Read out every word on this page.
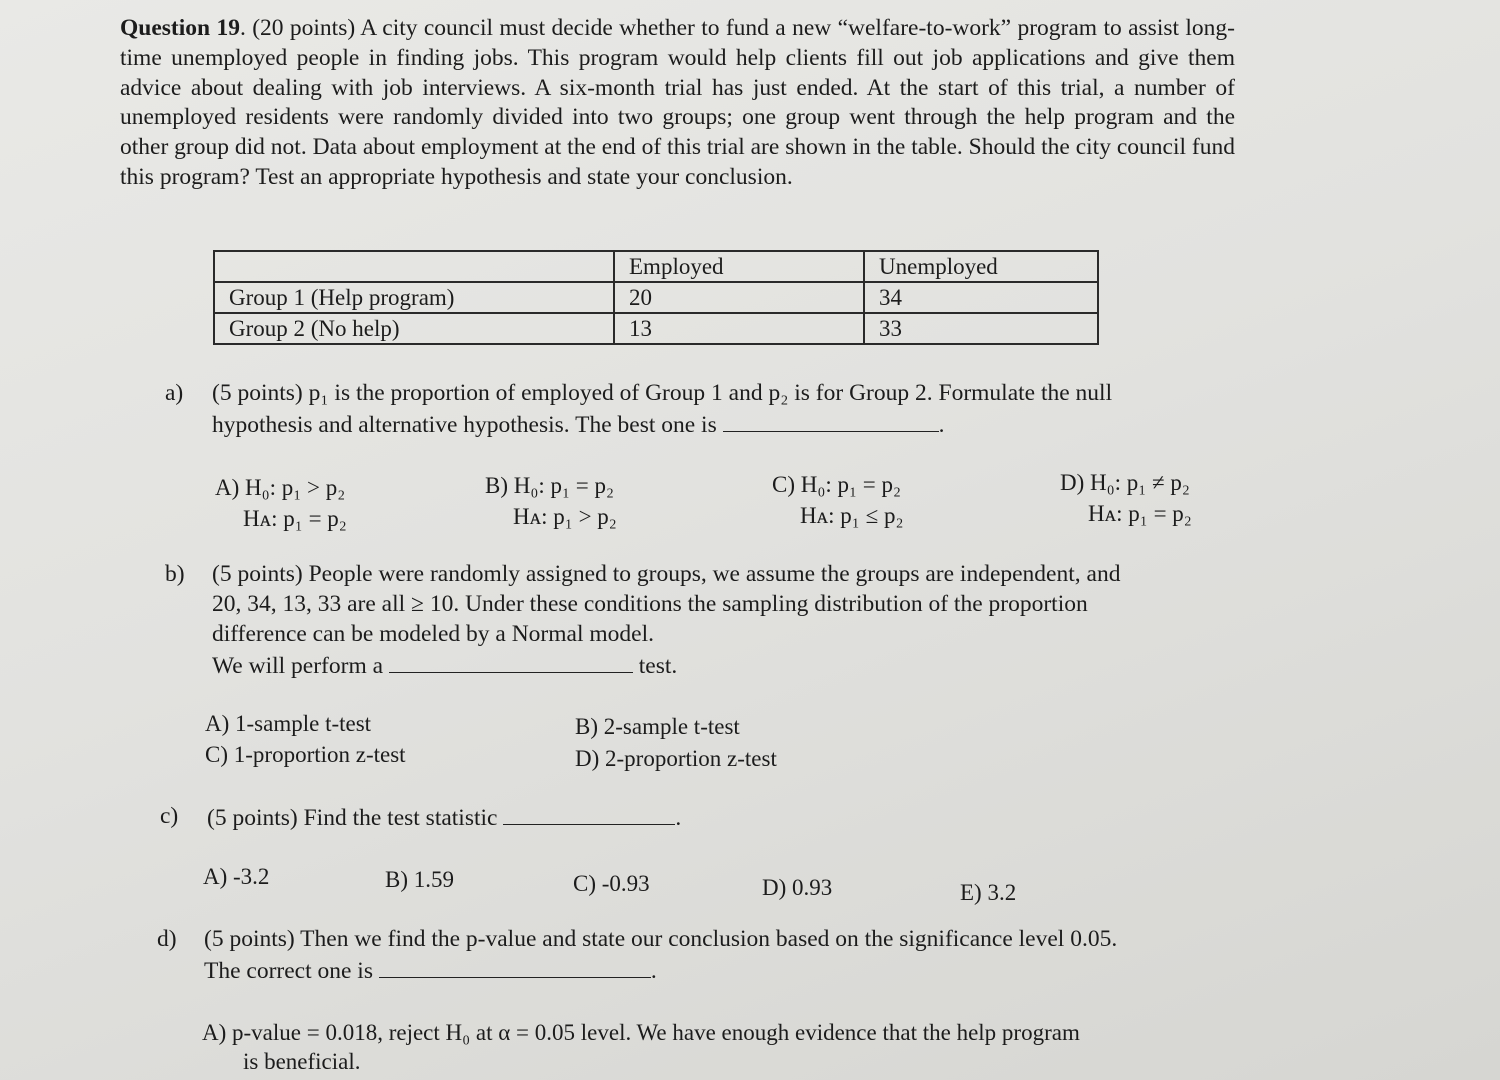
Question 19. (20 points) A city council must decide whether to fund a new “welfare-to-work” program to assist long-time unemployed people in finding jobs. This program would help clients fill out job applications and give them advice about dealing with job interviews. A six-month trial has just ended. At the start of this trial, a number of unemployed residents were randomly divided into two groups; one group went through the help program and the other group did not. Data about employment at the end of this trial are shown in the table. Should the city council fund this program? Test an appropriate hypothesis and state your conclusion.
	Employed	Unemployed
Group 1 (Help program)	20	34
Group 2 (No help)	13	33
a) (5 points) p₁ is the proportion of employed of Group 1 and p₂ is for Group 2. Formulate the null
hypothesis and alternative hypothesis. The best one is	.
A) H₀: p₁ > p₂
Hᴀ: p₁ = p₂
B) H₀: p₁ = p₂
Hᴀ: p₁ > p₂
C) H₀: p₁ = p₂
Hᴀ: p₁ ≤ p₂
D) H₀: p₁ ≠ p₂
Hᴀ: p₁ = p₂
b) (5 points) People were randomly assigned to groups, we assume the groups are independent, and
20, 34, 13, 33 are all ≥ 10. Under these conditions the sampling distribution of the proportion
difference can be modeled by a Normal model.
We will perform a	test.
A) 1-sample t-test	B) 2-sample t-test
C) 1-proportion z-test	D) 2-proportion z-test
c) (5 points) Find the test statistic	.
A) -3.2	B) 1.59	C) -0.93	D) 0.93	E) 3.2
d) (5 points) Then we find the p-value and state our conclusion based on the significance level 0.05.
The correct one is	.
A) p-value = 0.018, reject H₀ at α = 0.05 level. We have enough evidence that the help program
is beneficial.
